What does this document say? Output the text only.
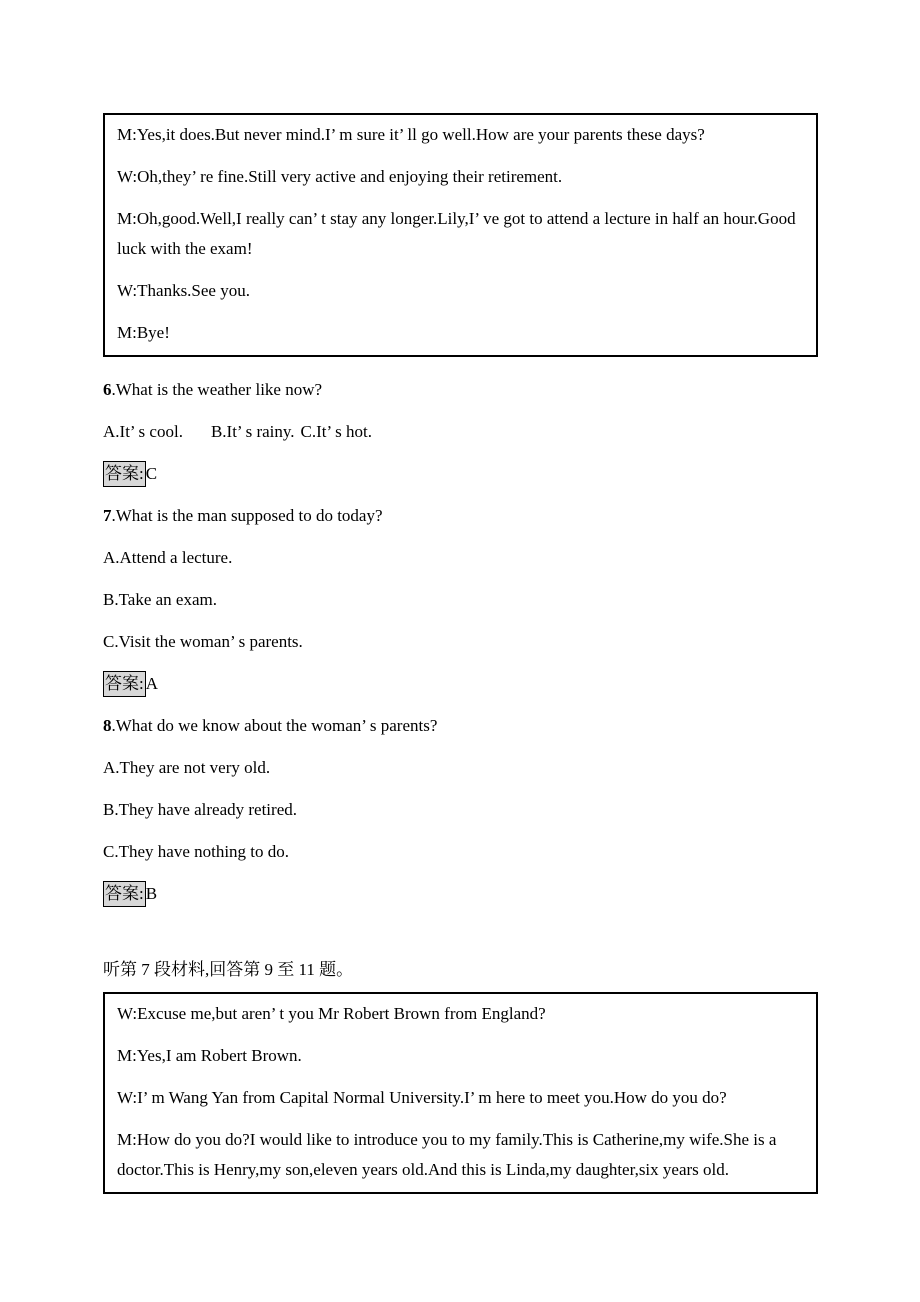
M:Yes,it does.But never mind.I’ m sure it’ ll go well.How are your parents these days?

W:Oh,they’ re fine.Still very active and enjoying their retirement.

M:Oh,good.Well,I really can’ t stay any longer.Lily,I’ ve got to attend a lecture in half an hour.Good luck with the exam!

W:Thanks.See you.

M:Bye!

6.What is the weather like now?

A.It’ s cool. B.It’ s rainy. C.It’ s hot.

答案: C

7.What is the man supposed to do today?

A.Attend a lecture.

B.Take an exam.

C.Visit the woman’ s parents.

答案: A

8.What do we know about the woman’ s parents?

A.They are not very old.

B.They have already retired.

C.They have nothing to do.

答案: B

听第 7 段材料,回答第 9 至 11 题。

W:Excuse me,but aren’ t you Mr Robert Brown from England?

M:Yes,I am Robert Brown.

W:I’ m Wang Yan from Capital Normal University.I’ m here to meet you.How do you do?

M:How do you do?I would like to introduce you to my family.This is Catherine,my wife.She is a doctor.This is Henry,my son,eleven years old.And this is Linda,my daughter,six years old.
